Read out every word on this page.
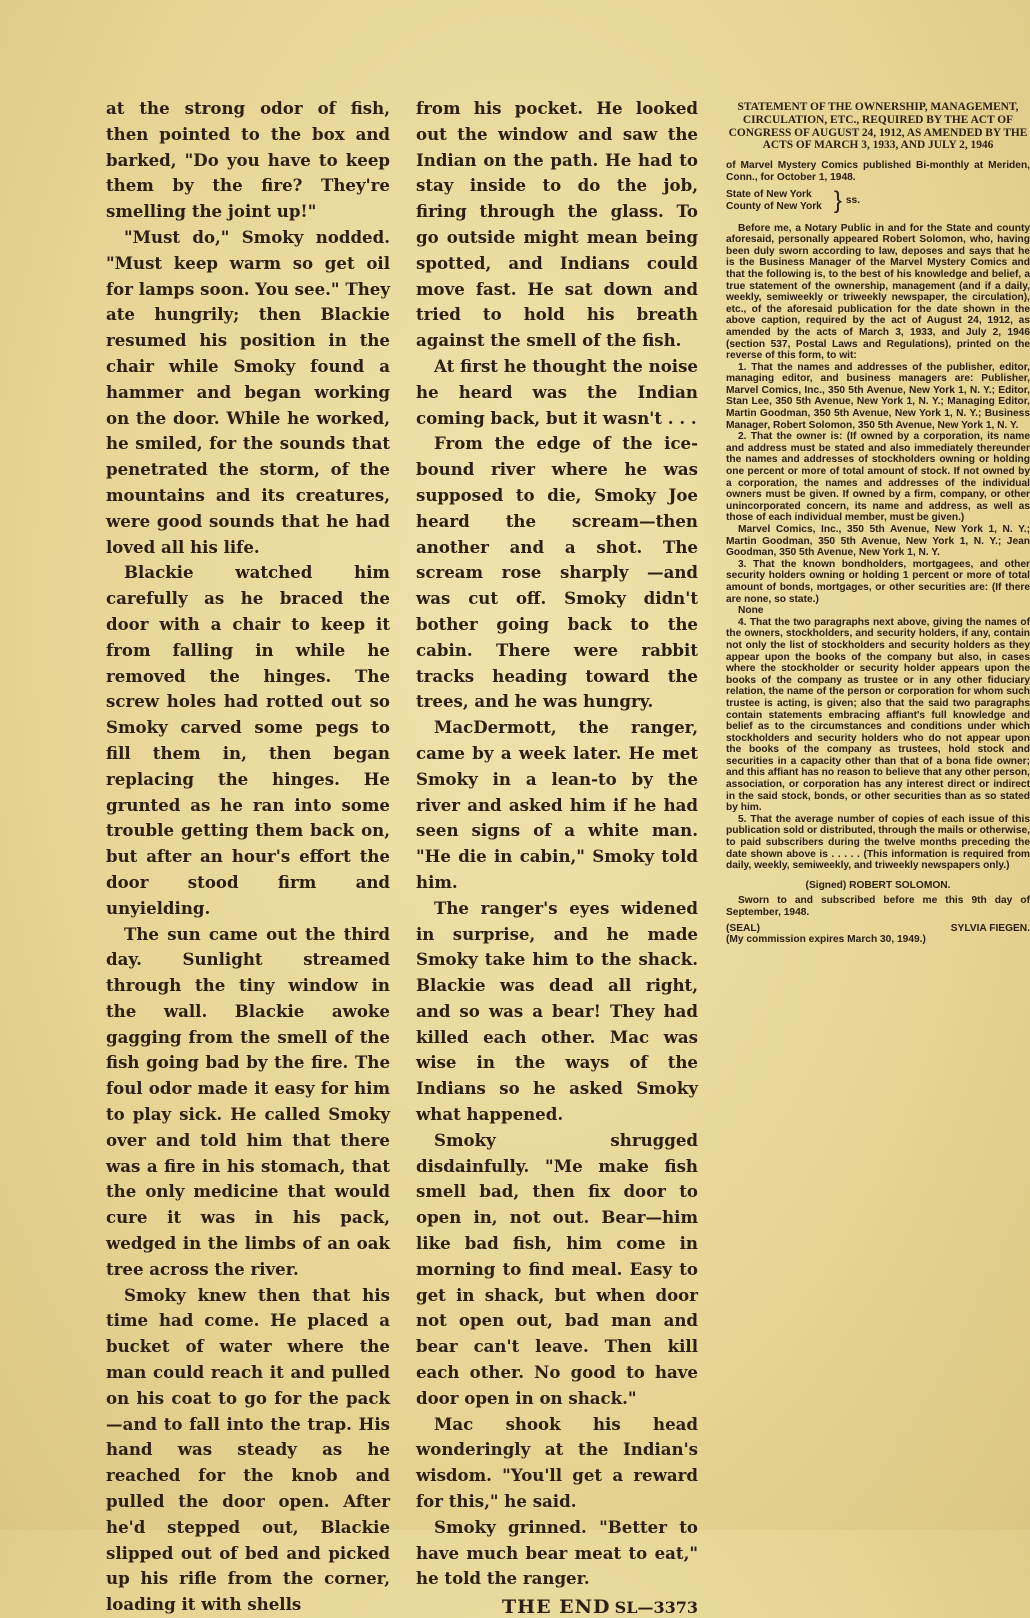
at the strong odor of fish, then pointed to the box and barked, "Do you have to keep them by the fire? They're smelling the joint up!"

"Must do," Smoky nodded. "Must keep warm so get oil for lamps soon. You see." They ate hungrily; then Blackie resumed his position in the chair while Smoky found a hammer and began working on the door. While he worked, he smiled, for the sounds that penetrated the storm, of the mountains and its creatures, were good sounds that he had loved all his life.

Blackie watched him carefully as he braced the door with a chair to keep it from falling in while he removed the hinges. The screw holes had rotted out so Smoky carved some pegs to fill them in, then began replacing the hinges. He grunted as he ran into some trouble getting them back on, but after an hour's effort the door stood firm and unyielding.

The sun came out the third day. Sunlight streamed through the tiny window in the wall. Blackie awoke gagging from the smell of the fish going bad by the fire. The foul odor made it easy for him to play sick. He called Smoky over and told him that there was a fire in his stomach, that the only medicine that would cure it was in his pack, wedged in the limbs of an oak tree across the river.

Smoky knew then that his time had come. He placed a bucket of water where the man could reach it and pulled on his coat to go for the pack—and to fall into the trap. His hand was steady as he reached for the knob and pulled the door open. After he'd stepped out, Blackie slipped out of bed and picked up his rifle from the corner, loading it with shells

from his pocket. He looked out the window and saw the Indian on the path. He had to stay inside to do the job, firing through the glass. To go outside might mean being spotted, and Indians could move fast. He sat down and tried to hold his breath against the smell of the fish.

At first he thought the noise he heard was the Indian coming back, but it wasn't . . .

From the edge of the ice-bound river where he was supposed to die, Smoky Joe heard the scream—then another and a shot. The scream rose sharply —and was cut off. Smoky didn't bother going back to the cabin. There were rabbit tracks heading toward the trees, and he was hungry.

MacDermott, the ranger, came by a week later. He met Smoky in a lean-to by the river and asked him if he had seen signs of a white man. "He die in cabin," Smoky told him.

The ranger's eyes widened in surprise, and he made Smoky take him to the shack. Blackie was dead all right, and so was a bear! They had killed each other. Mac was wise in the ways of the Indians so he asked Smoky what happened.

Smoky shrugged disdainfully. "Me make fish smell bad, then fix door to open in, not out. Bear—him like bad fish, him come in morning to find meal. Easy to get in shack, but when door not open out, bad man and bear can't leave. Then kill each other. No good to have door open in on shack."

Mac shook his head wonderingly at the Indian's wisdom. "You'll get a reward for this," he said.

Smoky grinned. "Better to have much bear meat to eat," he told the ranger.

THE END SL—3373
STATEMENT OF THE OWNERSHIP, MANAGEMENT, CIRCULATION, ETC., REQUIRED BY THE ACT OF CONGRESS OF AUGUST 24, 1912, AS AMENDED BY THE ACTS OF MARCH 3, 1933, AND JULY 2, 1946

of Marvel Mystery Comics published Bi-monthly at Meriden, Conn., for October 1, 1948.

State of New York

County of New York } ss.

Before me, a Notary Public in and for the State and county aforesaid, personally appeared Robert Solomon, who, having been duly sworn according to law, deposes and says that he is the Business Manager of the Marvel Mystery Comics and that the following is, to the best of his knowledge and belief, a true statement of the ownership, management (and if a daily, weekly, semiweekly or triweekly newspaper, the circulation), etc., of the aforesaid publication for the date shown in the above caption, required by the act of August 24, 1912, as amended by the acts of March 3, 1933, and July 2, 1946 (section 537, Postal Laws and Regulations), printed on the reverse of this form, to wit:

1. That the names and addresses of the publisher, editor, managing editor, and business managers are: Publisher, Marvel Comics, Inc., 350 5th Avenue, New York 1, N. Y.; Editor, Stan Lee, 350 5th Avenue, New York 1, N. Y.; Managing Editor, Martin Goodman, 350 5th Avenue, New York 1, N. Y.; Business Manager, Robert Solomon, 350 5th Avenue, New York 1, N. Y.

2. That the owner is: (If owned by a corporation, its name and address must be stated and also immediately thereunder the names and addresses of stockholders owning or holding one percent or more of total amount of stock. If not owned by a corporation, the names and addresses of the individual owners must be given. If owned by a firm, company, or other unincorporated concern, its name and address, as well as those of each individual member, must be given.)

Marvel Comics, Inc., 350 5th Avenue, New York 1, N. Y.; Martin Goodman, 350 5th Avenue, New York 1, N. Y.; Jean Goodman, 350 5th Avenue, New York 1, N. Y.

3. That the known bondholders, mortgagees, and other security holders owning or holding 1 percent or more of total amount of bonds, mortgages, or other securities are: (If there are none, so state.)

None

4. That the two paragraphs next above, giving the names of the owners, stockholders, and security holders, if any, contain not only the list of stockholders and security holders as they appear upon the books of the company but also, in cases where the stockholder or security holder appears upon the books of the company as trustee or in any other fiduciary relation, the name of the person or corporation for whom such trustee is acting, is given; also that the said two paragraphs contain statements embracing affiant's full knowledge and belief as to the circumstances and conditions under which stockholders and security holders who do not appear upon the books of the company as trustees, hold stock and securities in a capacity other than that of a bona fide owner; and this affiant has no reason to believe that any other person, association, or corporation has any interest direct or indirect in the said stock, bonds, or other securities than as so stated by him.

5. That the average number of copies of each issue of this publication sold or distributed, through the mails or otherwise, to paid subscribers during the twelve months preceding the date shown above is . . . . . (This information is required from daily, weekly, semiweekly, and triweekly newspapers only.)

(Signed) ROBERT SOLOMON.

Sworn to and subscribed before me this 9th day of September, 1948.

(SEAL)	SYLVIA FIEGEN.

(My commission expires March 30, 1949.)
